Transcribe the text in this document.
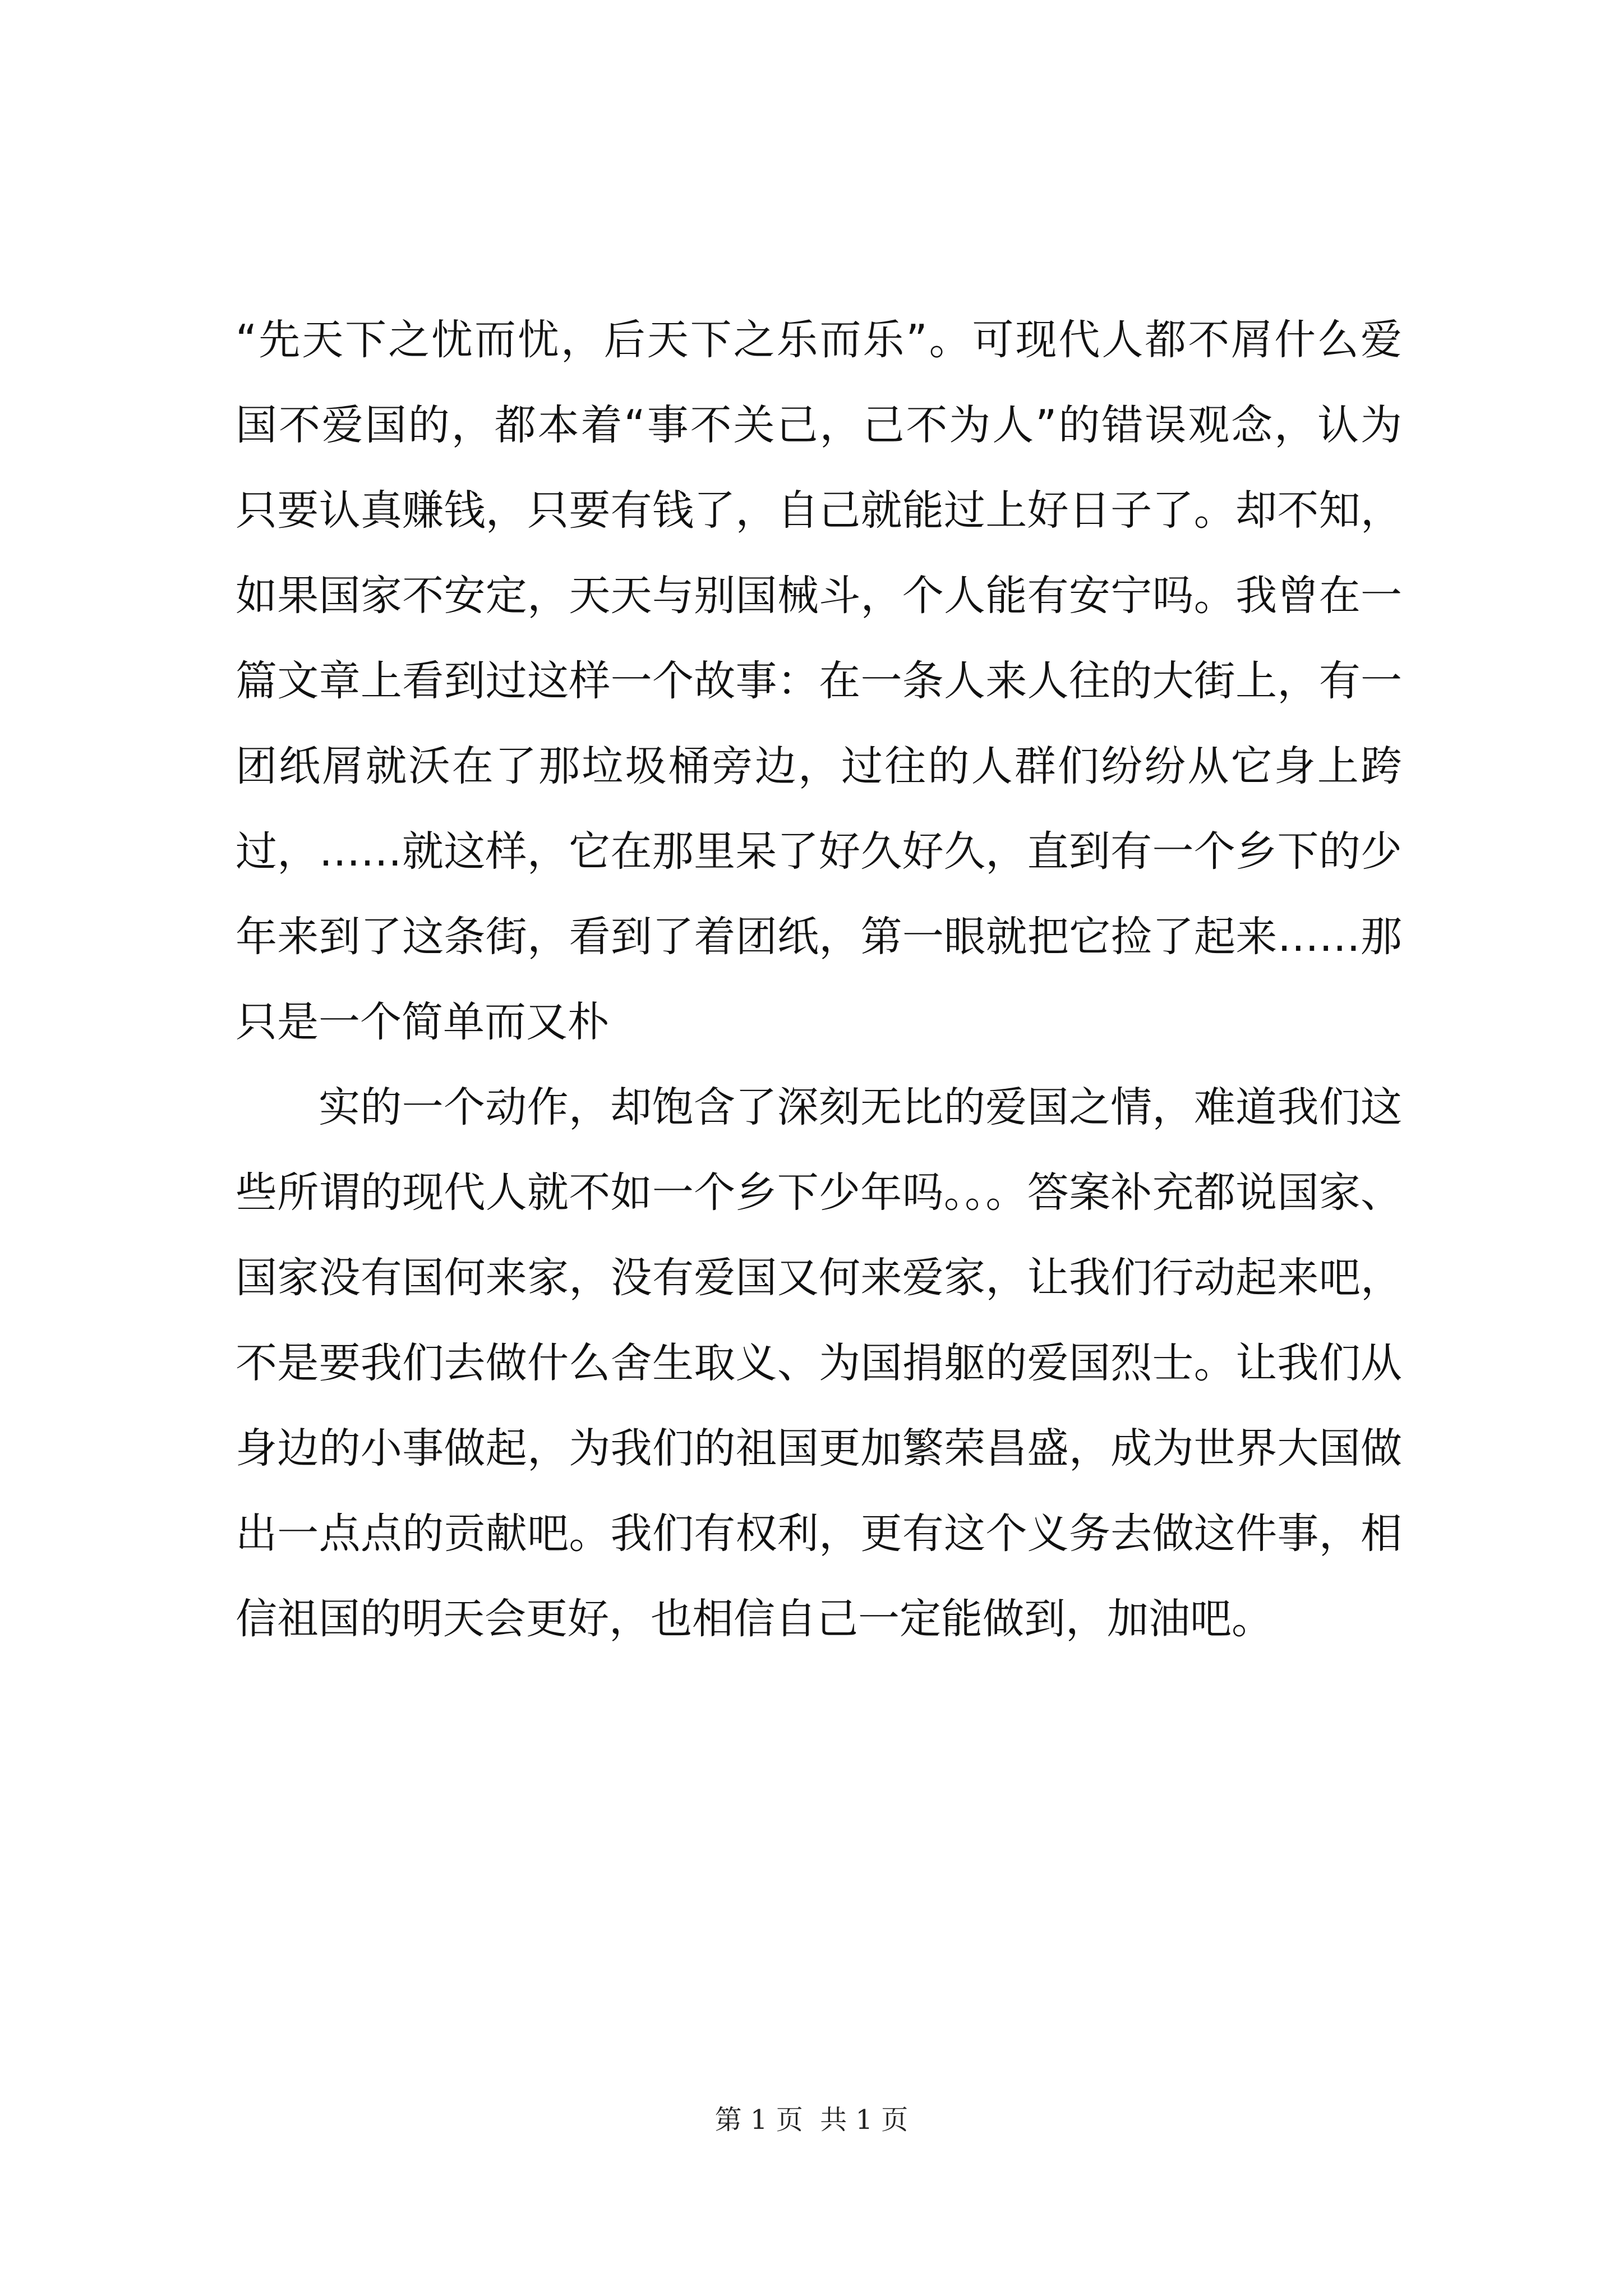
“先天下之忧而忧，后天下之乐而乐”。可现代人都不屑什么爱
国不爱国的，都本着“事不关己，己不为人”的错误观念，认为
只要认真赚钱，只要有钱了，自己就能过上好日子了。却不知，
如果国家不安定，天天与别国械斗，个人能有安宁吗。我曾在一
篇文章上看到过这样一个故事：在一条人来人往的大街上，有一
团纸屑就沃在了那垃圾桶旁边，过往的人群们纷纷从它身上跨
过，……就这样，它在那里呆了好久好久，直到有一个乡下的少
年来到了这条街，看到了着团纸，第一眼就把它捡了起来……那
只是一个简单而又朴
实的一个动作，却饱含了深刻无比的爱国之情，难道我们这
些所谓的现代人就不如一个乡下少年吗。。。答案补充都说国家、
国家没有国何来家，没有爱国又何来爱家，让我们行动起来吧，
不是要我们去做什么舍生取义、为国捐躯的爱国烈士。让我们从
身边的小事做起，为我们的祖国更加繁荣昌盛，成为世界大国做
出一点点的贡献吧。我们有权利，更有这个义务去做这件事，相
信祖国的明天会更好，也相信自己一定能做到，加油吧。
第 1 页  共 1 页
